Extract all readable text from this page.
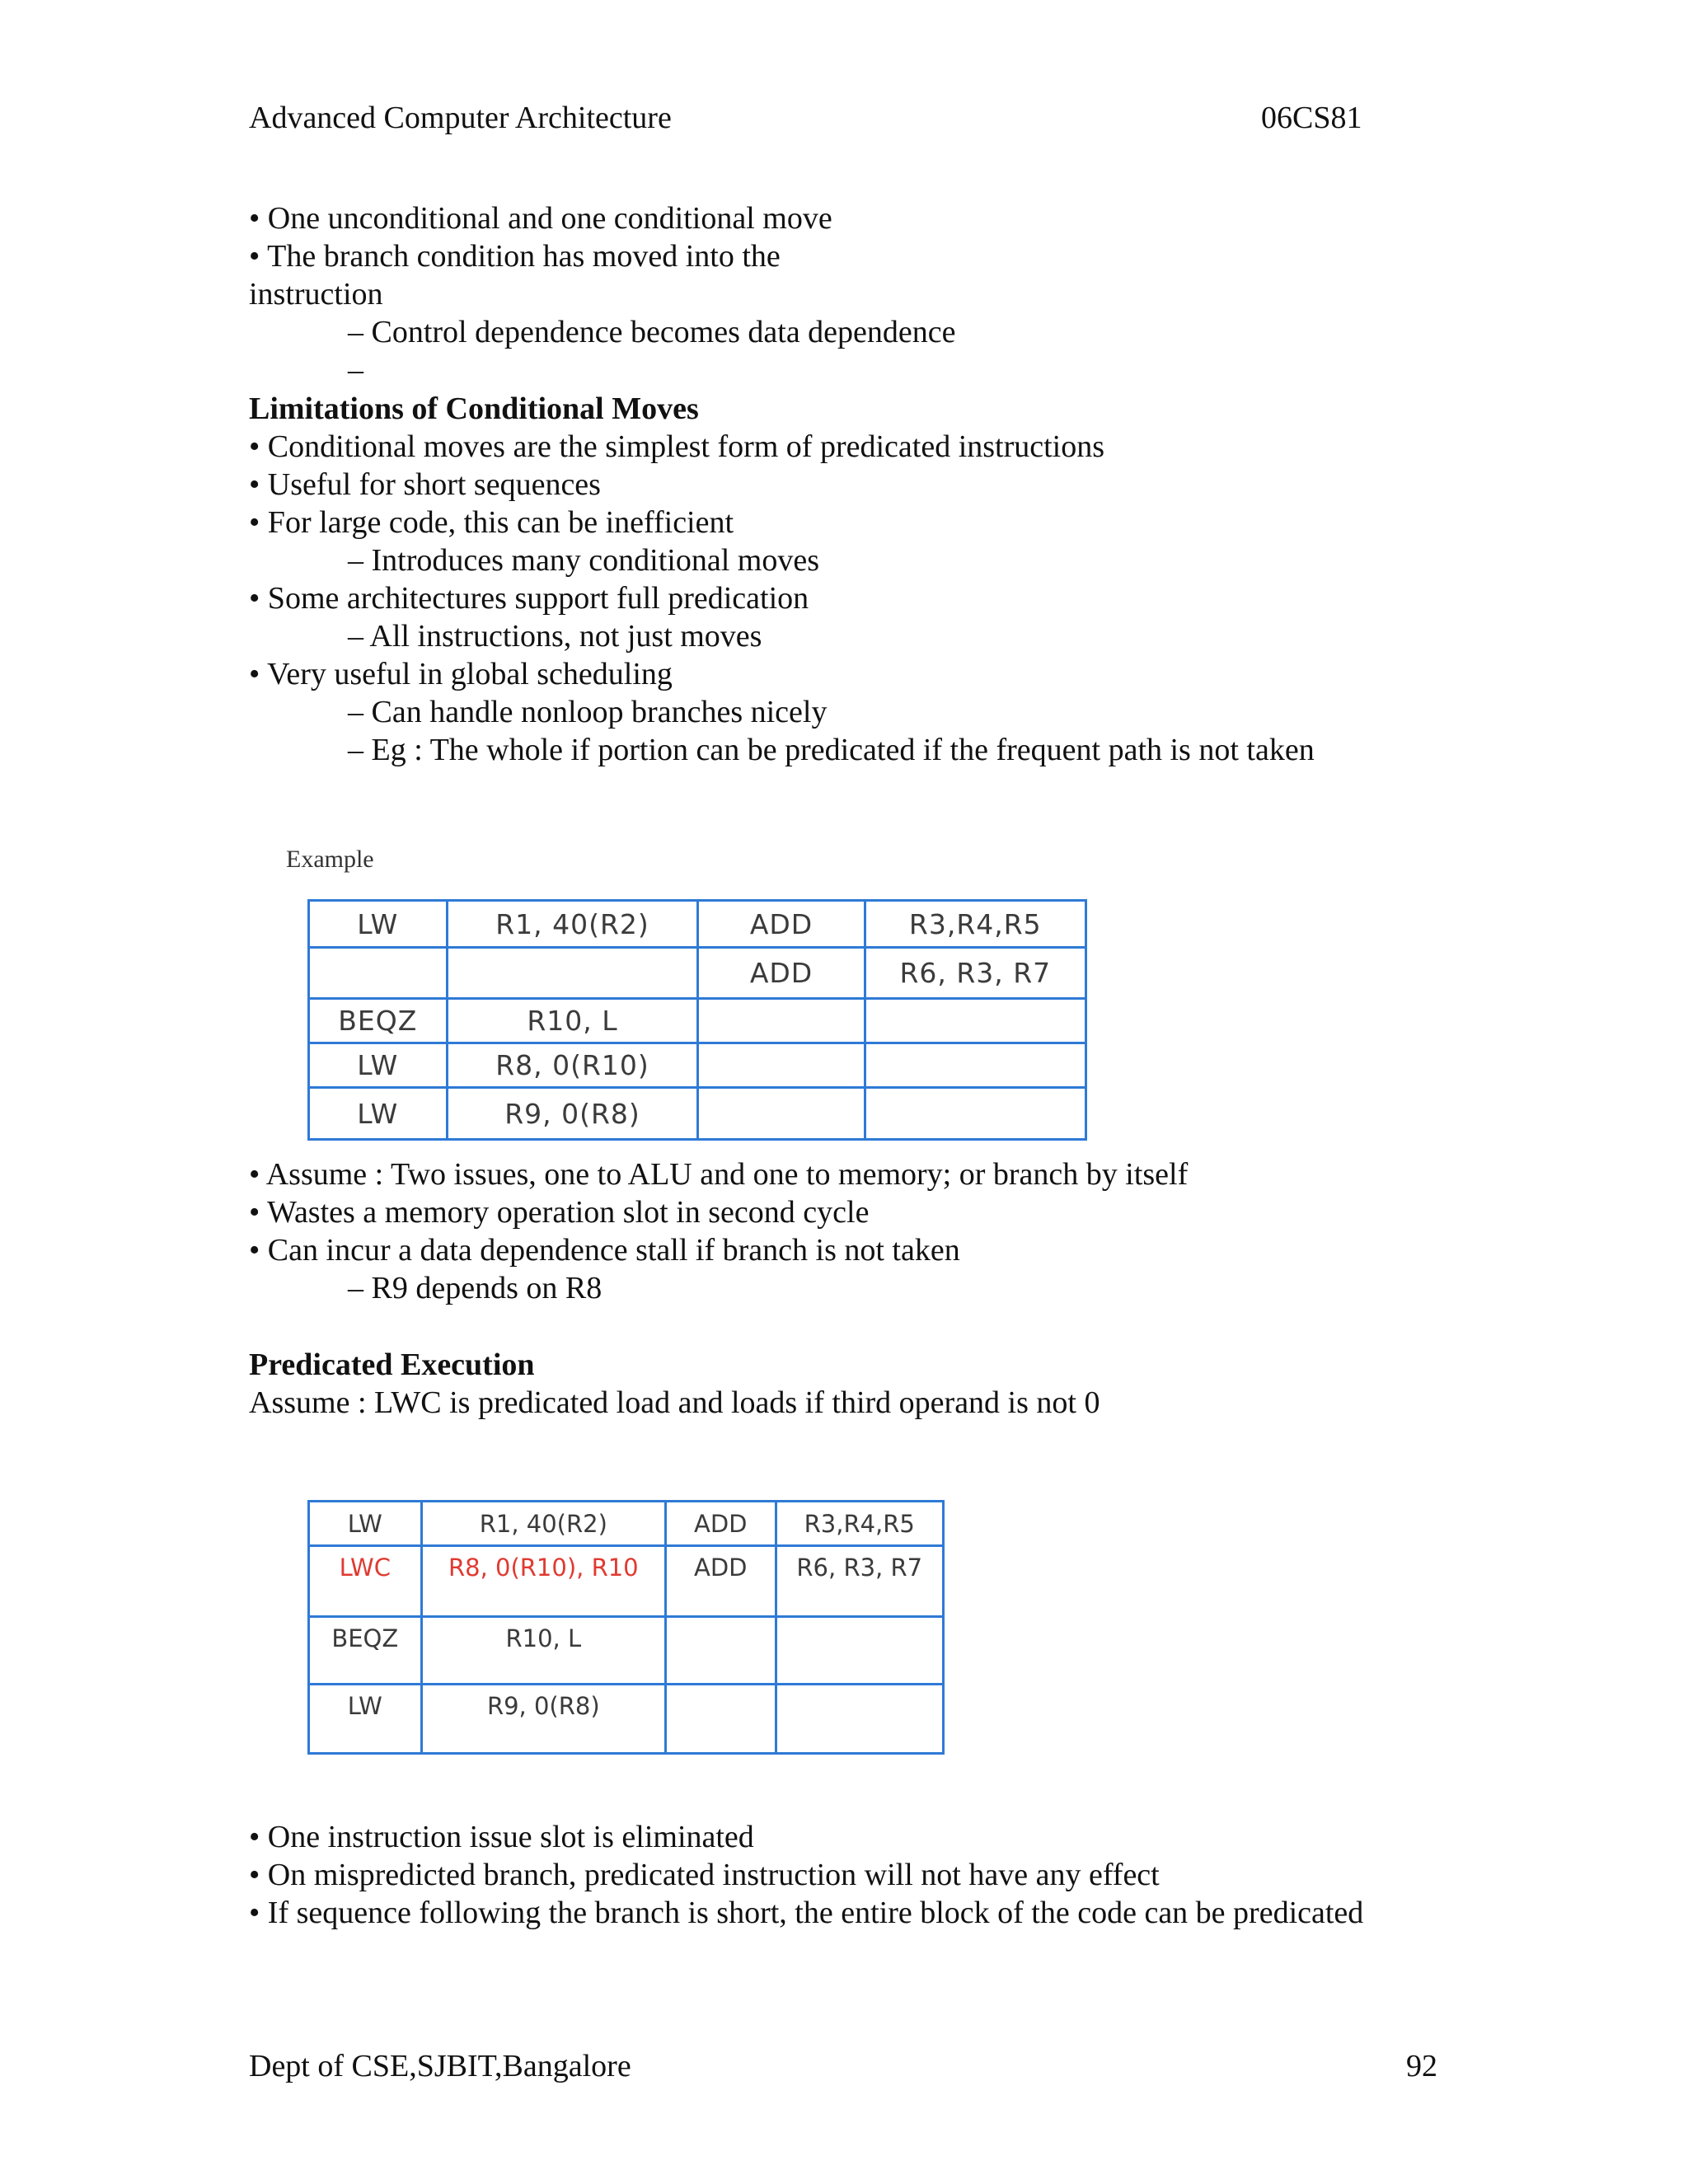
Advanced Computer Architecture	06CS81
• One unconditional and one conditional move
• The branch condition has moved into the
instruction
– Control dependence becomes data dependence
–
Limitations of Conditional Moves
• Conditional moves are the simplest form of predicated instructions
• Useful for short sequences
• For large code, this can be inefficient
– Introduces many conditional moves
• Some architectures support full predication
– All instructions, not just moves
• Very useful in global scheduling
– Can handle nonloop branches nicely
– Eg : The whole if portion can be predicated if the frequent path is not taken
Example
LW	R1, 40(R2)	ADD	R3,R4,R5
		ADD	R6, R3, R7
BEQZ	R10, L		
LW	R8, 0(R10)		
LW	R9, 0(R8)		
• Assume : Two issues, one to ALU and one to memory; or branch by itself
• Wastes a memory operation slot in second cycle
• Can incur a data dependence stall if branch is not taken
– R9 depends on R8
Predicated Execution
Assume : LWC is predicated load and loads if third operand is not 0
LW	R1, 40(R2)	ADD	R3,R4,R5
LWC	R8, 0(R10), R10	ADD	R6, R3, R7
BEQZ	R10, L		
LW	R9, 0(R8)		
• One instruction issue slot is eliminated
• On mispredicted branch, predicated instruction will not have any effect
• If sequence following the branch is short, the entire block of the code can be predicated
Dept of CSE,SJBIT,Bangalore	92
